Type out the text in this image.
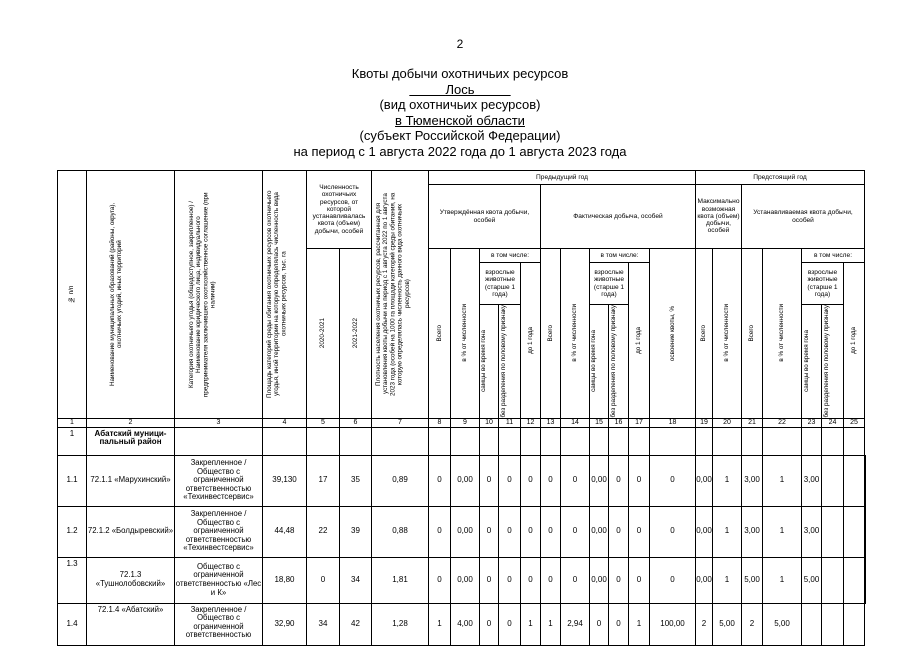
2
Квоты добычи охотничьих ресурсов
Лось
(вид охотничьих ресурсов)
в Тюменской области
(субъект Российской Федерации)
на период с 1 августа 2022 года до 1 августа 2023 года
№ п/п	Наименование муниципальных образований (районы, округа), охотничьих угодий, иных территорий	Категория охотничьего угодья (общедоступное, закрепленное) / Наименование юридического лица, индивидуального предпринимателя заключившего охотхозяйственное соглашение (при наличии)	Площадь категорий среды обитания охотничьих ресурсов охотничьего угодья, иной территории на которую определялась численность вида охотничьих ресурсов, тыс. га	Численность охотничьих ресурсов, от которой устанавливалась квота (объем) добычи, особей		Плотность населения охотничьих ресурсов, рассчитанная для установления квоты добычи на период с 1 августа 2022 по 1 августа 2023 года (особей на 1000 га площади категорий среды обитания, на которую определялась численность данного вида охотничьих ресурсов)	Предыдущий год											Предстоящий год							
							Утверждённая квота добычи, особей					Фактическая добыча, особей						Максимально возможная квота (объем) добычи, особей		Устанавливаемая квота добычи, особей					

				2020-2021	2021-2022		Всего	в % от численности	в том числе:			Всего	в % от численности	в том числе:			освоение квоты, %	Всего	в % от численности	Всего	в % от численности	в том числе:			
									взрослые животные (старше 1 года)		до 1 года			взрослые животные (старше 1 года)		до 1 года						взрослые животные (старше 1 года)		до 1 года	

									самцы во время гона	без разделения по половому признаку				самцы во время гона	без разделения по половому признаку							самцы во время гона	без разделения по половому признаку		

1	2	3	4	5	6	7	8	9	10	11	12	13	14	15	16	17	18	19	20	21	22	23	24	25	
1	Абатский муници-пальный район																								
1.1	72.1.1 «Марухинский»	Закрепленное / Общество с ограниченной ответственностью «Техинвестсервис»	39,130	17	35	0,89	0	0,00	0	0	0	0	0	0,00	0	0	0	0,00	1	3,00	1	3,00			
1.2	72.1.2 «Болдыревский»	Закрепленное / Общество с ограниченной ответственностью «Техинвестсервис»	44,48	22	39	0,88	0	0,00	0	0	0	0	0	0,00	0	0	0	0,00	1	3,00	1	3,00			
1.3	72.1.3 «Тушнолобовский»	Общество с ограниченной ответственностью «Лес и К»	18,80	0	34	1,81	0	0,00	0	0	0	0	0	0,00	0	0	0	0,00	1	5,00	1	5,00			
1.4	72.1.4 «Абатский»	Закрепленное / Общество с ограниченной ответственностью	32,90	34	42	1,28	1	4,00	0	0	1	1	2,94	0	0	1	100,00	2	5,00	2	5,00				
